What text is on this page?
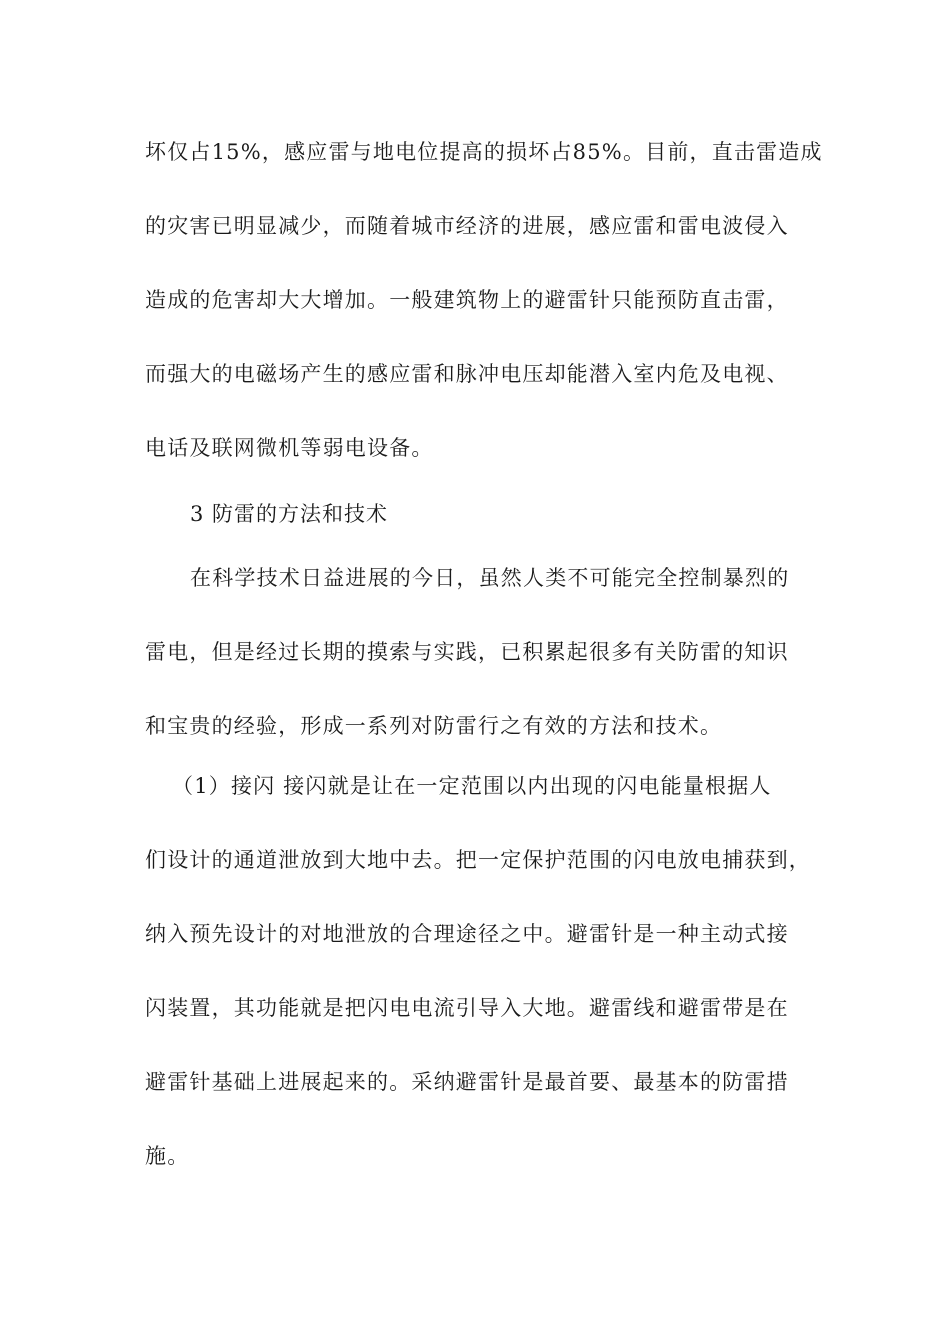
坏仅占15%，感应雷与地电位提高的损坏占85%。目前，直击雷造成
的灾害已明显减少，而随着城市经济的进展，感应雷和雷电波侵入
造成的危害却大大增加。一般建筑物上的避雷针只能预防直击雷，
而强大的电磁场产生的感应雷和脉冲电压却能潜入室内危及电视、
电话及联网微机等弱电设备。
3 防雷的方法和技术
在科学技术日益进展的今日，虽然人类不可能完全控制暴烈的
雷电，但是经过长期的摸索与实践，已积累起很多有关防雷的知识
和宝贵的经验，形成一系列对防雷行之有效的方法和技术。
（1）接闪 接闪就是让在一定范围以内出现的闪电能量根据人
们设计的通道泄放到大地中去。把一定保护范围的闪电放电捕获到，
纳入预先设计的对地泄放的合理途径之中。避雷针是一种主动式接
闪装置，其功能就是把闪电电流引导入大地。避雷线和避雷带是在
避雷针基础上进展起来的。采纳避雷针是最首要、最基本的防雷措
施。
